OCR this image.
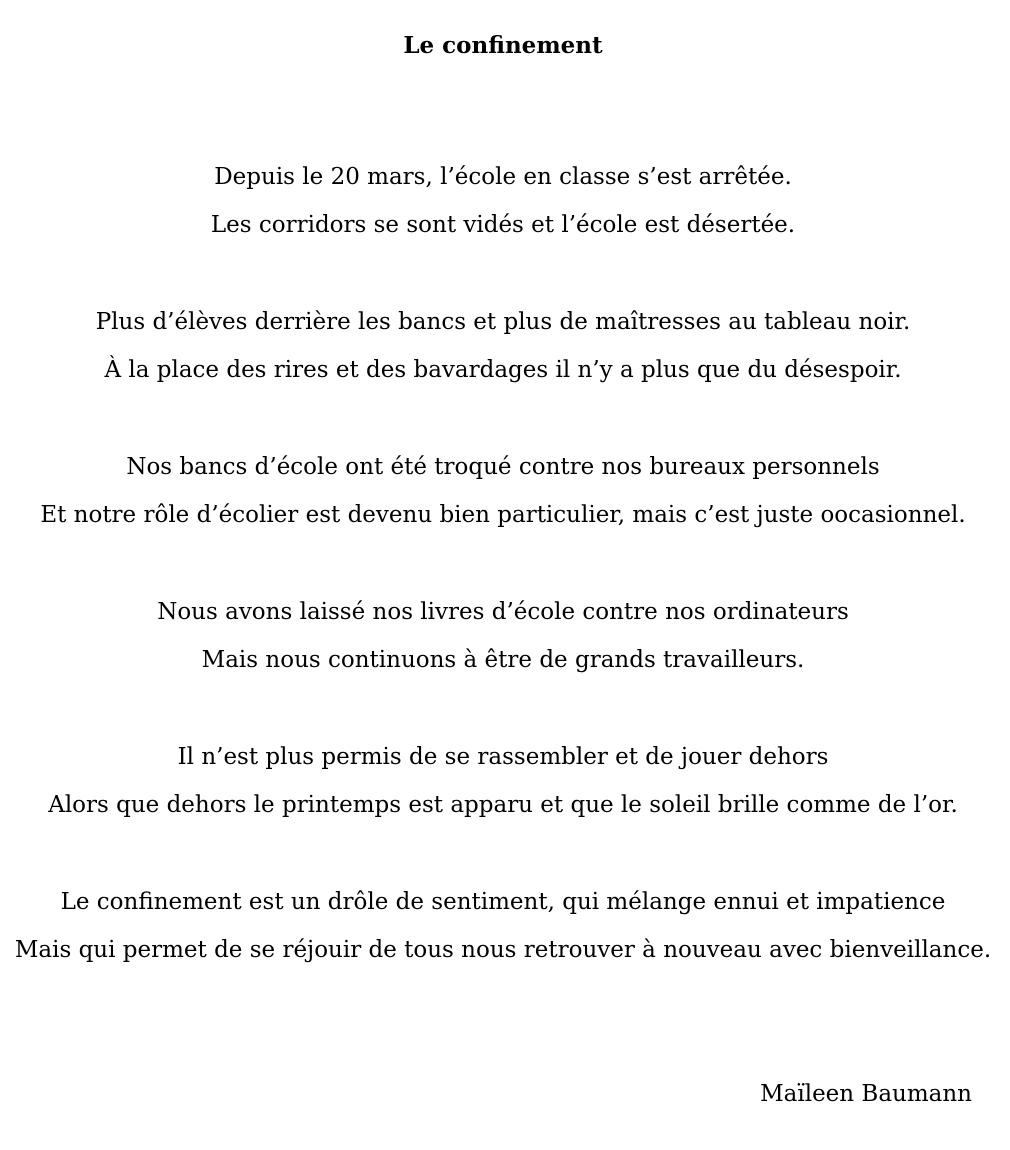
Le confinement
Depuis le 20 mars, l’école en classe s’est arrêtée.
Les corridors se sont vidés et l’école est désertée.
Plus d’élèves derrière les bancs et plus de maîtresses au tableau noir.
À la place des rires et des bavardages il n’y a plus que du désespoir.
Nos bancs d’école ont été troqué contre nos bureaux personnels
Et notre rôle d’écolier est devenu bien particulier, mais c’est juste oocasionnel.
Nous avons laissé nos livres d’école contre nos ordinateurs
Mais nous continuons à être de grands travailleurs.
Il n’est plus permis de se rassembler et de jouer dehors
Alors que dehors le printemps est apparu et que le soleil brille comme de l’or.
Le confinement est un drôle de sentiment, qui mélange ennui et impatience
Mais qui permet de se réjouir de tous nous retrouver à nouveau avec bienveillance.

Maïleen Baumann
